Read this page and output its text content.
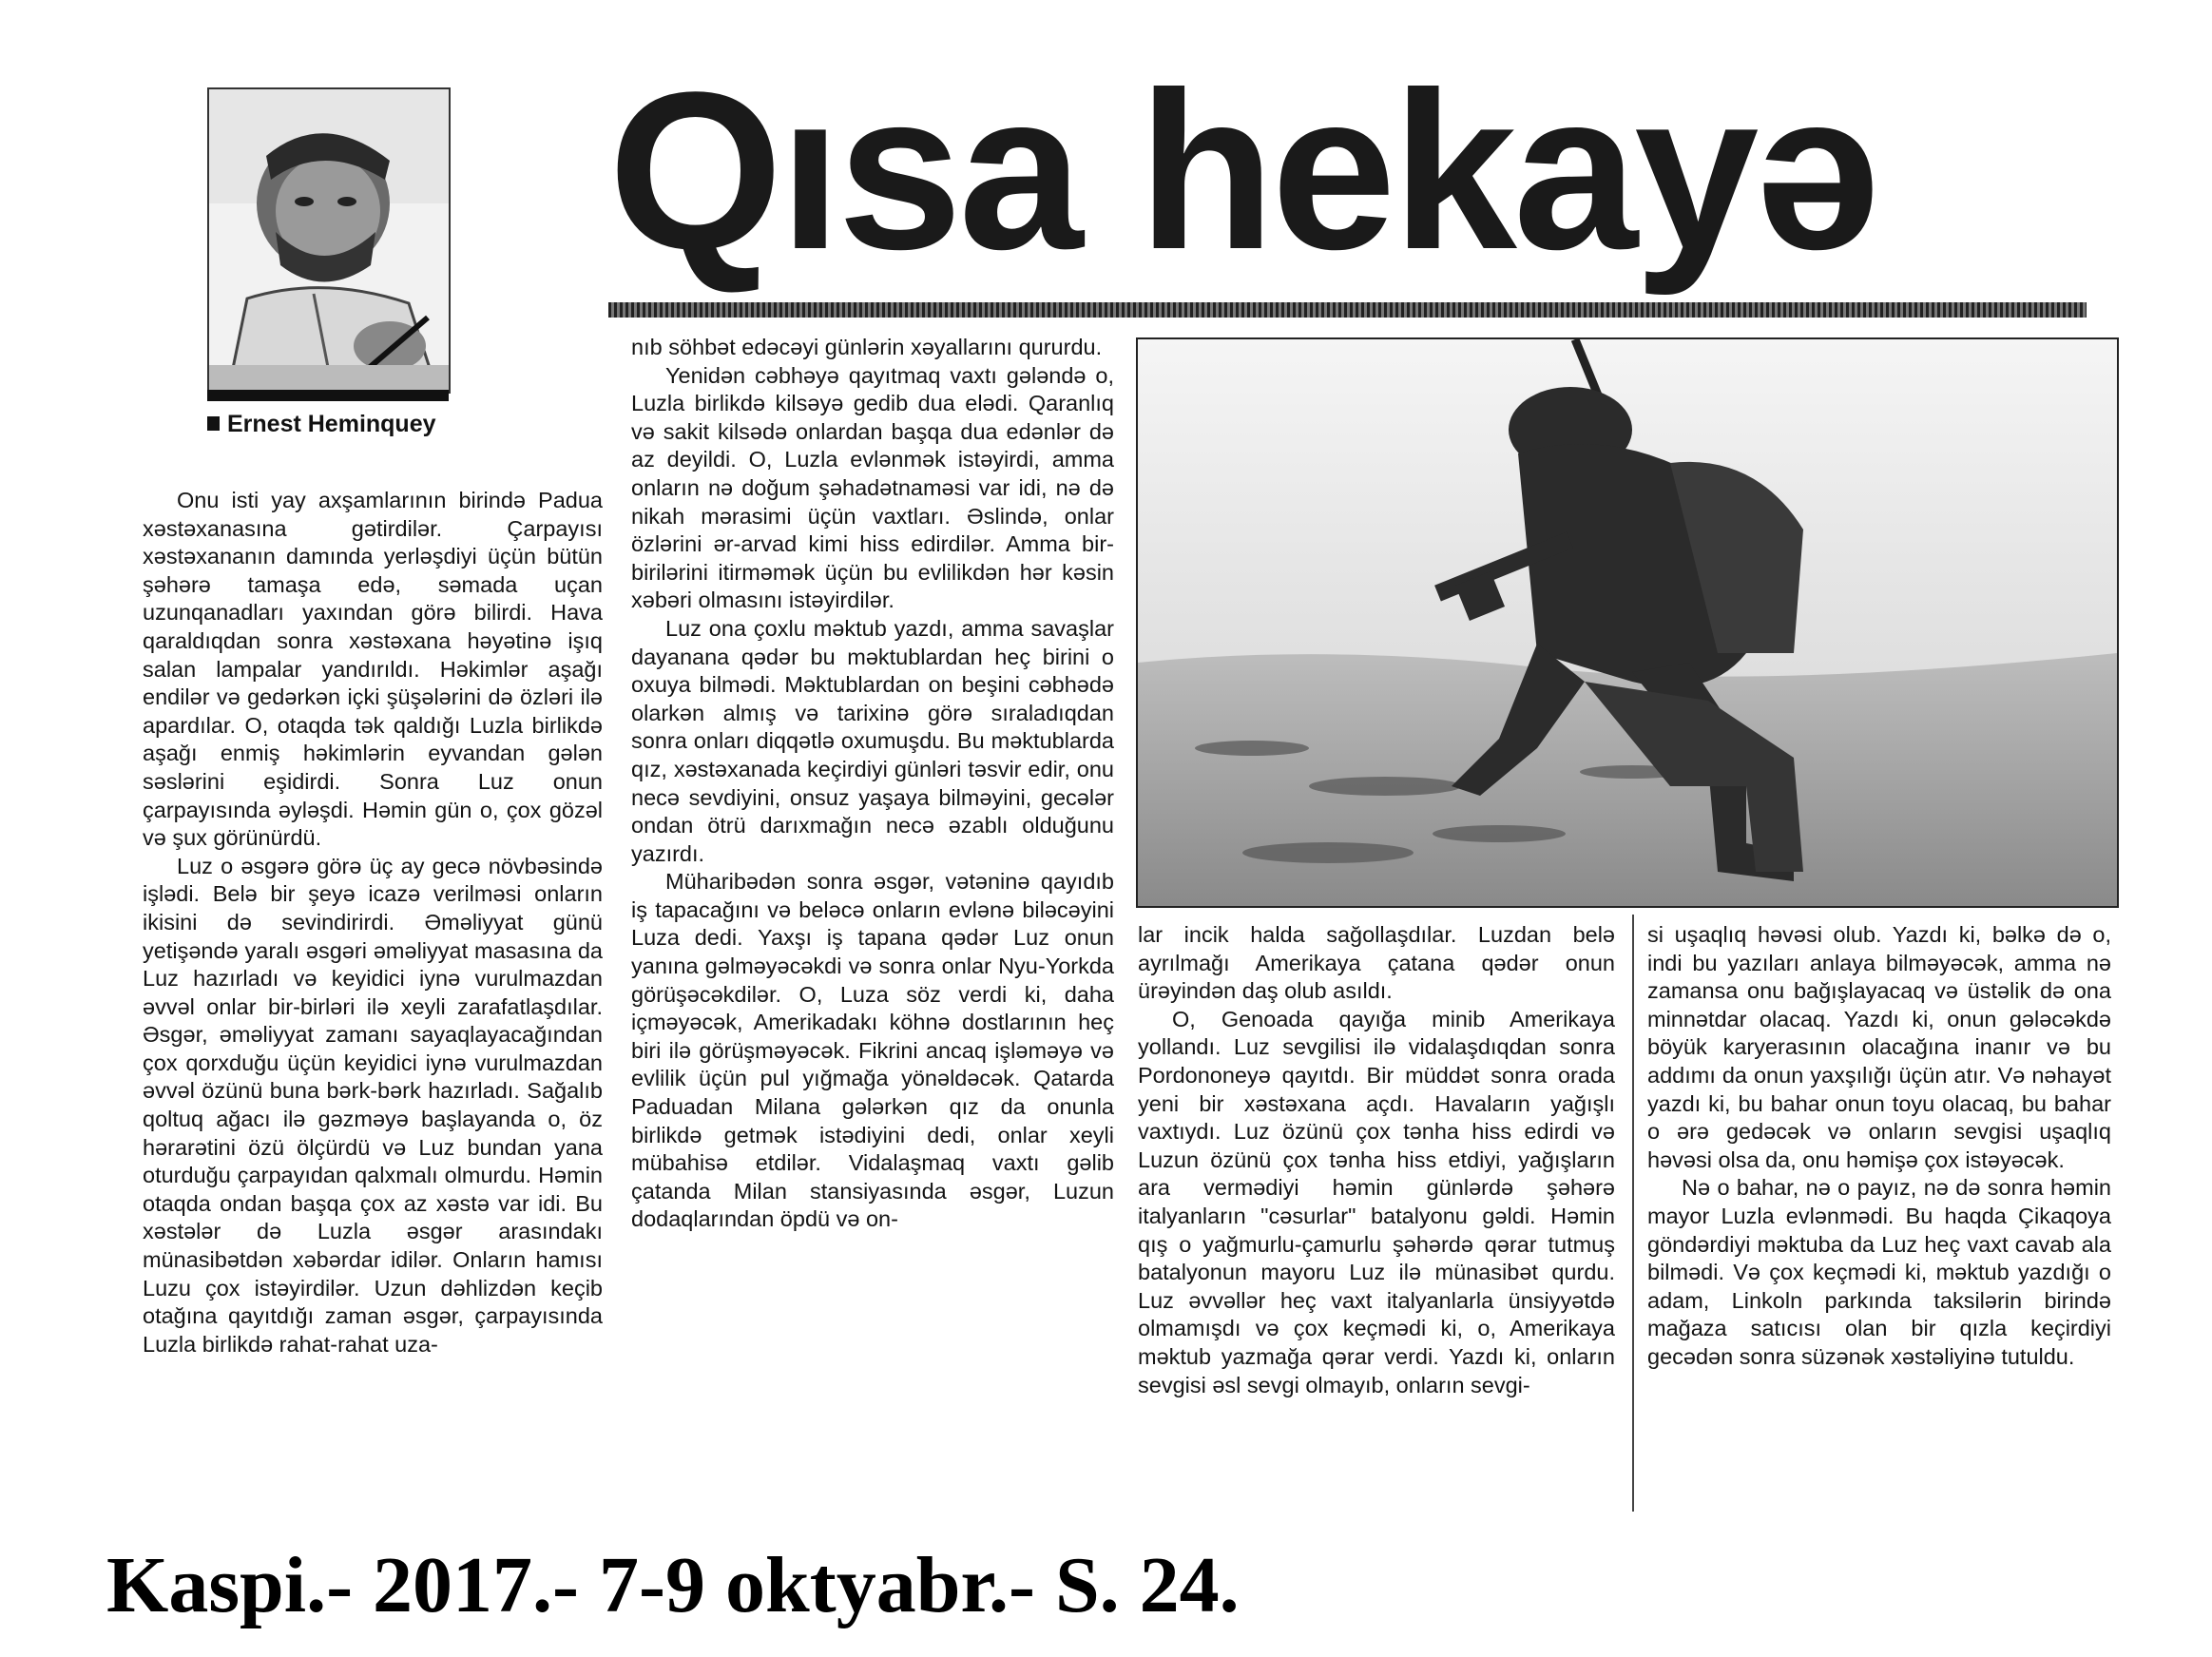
Ernest Heminquey
Qısa hekayə

Onu isti yay axşamlarının birində Padua xəstəxanasına gətirdilər. Çarpayısı xəstəxananın damında yerləşdiyi üçün bütün şəhərə tamaşa edə, səmada uçan uzunqanadları yaxından görə bilirdi. Hava qaraldıqdan sonra xəstəxana həyətinə işıq salan lampalar yandırıldı. Həkimlər aşağı endilər və gedərkən içki şüşələrini də özləri ilə apardılar. O, otaqda tək qaldığı Luzla birlikdə aşağı enmiş həkimlərin eyvandan gələn səslərini eşidirdi. Sonra Luz onun çarpayısında əyləşdi. Həmin gün o, çox gözəl və şux görünürdü.

Luz o əsgərə görə üç ay gecə növbəsində işlədi. Belə bir şeyə icazə verilməsi onların ikisini də sevindirirdi. Əməliyyat günü yetişəndə yaralı əsgəri əməliyyat masasına da Luz hazırladı və keyidici iynə vurulmazdan əvvəl onlar bir-birləri ilə xeyli zarafatlaşdılar. Əsgər, əməliyyat zamanı sayaqlayacağından çox qorxduğu üçün keyidici iynə vurulmazdan əvvəl özünü buna bərk-bərk hazırladı. Sağalıb qoltuq ağacı ilə gəzməyə başlayanda o, öz hərarətini özü ölçürdü və Luz bundan yana oturduğu çarpayıdan qalxmalı olmurdu. Həmin otaqda ondan başqa çox az xəstə var idi. Bu xəstələr də Luzla əsgər arasındakı münasibətdən xəbərdar idilər. Onların hamısı Luzu çox istəyirdilər. Uzun dəhlizdən keçib otağına qayıtdığı zaman əsgər, çarpayısında Luzla birlikdə rahat-rahat uza-

nıb söhbət edəcəyi günlərin xəyallarını qururdu.

Yenidən cəbhəyə qayıtmaq vaxtı gələndə o, Luzla birlikdə kilsəyə gedib dua elədi. Qaranlıq və sakit kilsədə onlardan başqa dua edənlər də az deyildi. O, Luzla evlənmək istəyirdi, amma onların nə doğum şəhadətnaməsi var idi, nə də nikah mərasimi üçün vaxtları. Əslində, onlar özlərini ər-arvad kimi hiss edirdilər. Amma bir-birilərini itirməmək üçün bu evlilikdən hər kəsin xəbəri olmasını istəyirdilər.

Luz ona çoxlu məktub yazdı, amma savaşlar dayanana qədər bu məktublardan heç birini o oxuya bilmədi. Məktublardan on beşini cəbhədə olarkən almış və tarixinə görə sıraladıqdan sonra onları diqqətlə oxumuşdu. Bu məktublarda qız, xəstəxanada keçirdiyi günləri təsvir edir, onu necə sevdiyini, onsuz yaşaya bilməyini, gecələr ondan ötrü darıxmağın necə əzablı olduğunu yazırdı.

Müharibədən sonra əsgər, vətəninə qayıdıb iş tapacağını və beləcə onların evlənə biləcəyini Luza dedi. Yaxşı iş tapana qədər Luz onun yanına gəlməyəcəkdi və sonra onlar Nyu-Yorkda görüşəcəkdilər. O, Luza söz verdi ki, daha içməyəcək, Amerikadakı köhnə dostlarının heç biri ilə görüşməyəcək. Fikrini ancaq işləməyə və evlilik üçün pul yığmağa yönəldəcək. Qatarda Paduadan Milana gələrkən qız da onunla birlikdə getmək istədiyini dedi, onlar xeyli mübahisə etdilər. Vidalaşmaq vaxtı gəlib çatanda Milan stansiyasında əsgər, Luzun dodaqlarından öpdü və on-

lar incik halda sağollaşdılar. Luzdan belə ayrılmağı Amerikaya çatana qədər onun ürəyindən daş olub asıldı.

O, Genoada qayığa minib Amerikaya yollandı. Luz sevgilisi ilə vidalaşdıqdan sonra Pordononeyə qayıtdı. Bir müddət sonra orada yeni bir xəstəxana açdı. Havaların yağışlı vaxtıydı. Luz özünü çox tənha hiss edirdi və Luzun özünü çox tənha hiss etdiyi, yağışların ara vermədiyi həmin günlərdə şəhərə italyanların "cəsurlar" batalyonu gəldi. Həmin qış o yağmurlu-çamurlu şəhərdə qərar tutmuş batalyonun mayoru Luz ilə münasibət qurdu. Luz əvvəllər heç vaxt italyanlarla ünsiyyətdə olmamışdı və çox keçmədi ki, o, Amerikaya məktub yazmağa qərar verdi. Yazdı ki, onların sevgisi əsl sevgi olmayıb, onların sevgi-

si uşaqlıq həvəsi olub. Yazdı ki, bəlkə də o, indi bu yazıları anlaya bilməyəcək, amma nə zamansa onu bağışlayacaq və üstəlik də ona minnətdar olacaq. Yazdı ki, onun gələcəkdə böyük karyerasının olacağına inanır və bu addımı da onun yaxşılığı üçün atır. Və nəhayət yazdı ki, bu bahar onun toyu olacaq, bu bahar o ərə gedəcək və onların sevgisi uşaqlıq həvəsi olsa da, onu həmişə çox istəyəcək.

Nə o bahar, nə o payız, nə də sonra həmin mayor Luzla evlənmədi. Bu haqda Çikaqoya göndərdiyi məktuba da Luz heç vaxt cavab ala bilmədi. Və çox keçmədi ki, məktub yazdığı o adam, Linkoln parkında taksilərin birində mağaza satıcısı olan bir qızla keçirdiyi gecədən sonra süzənək xəstəliyinə tutuldu.

Kaspi.- 2017.- 7-9 oktyabr.- S. 24.
